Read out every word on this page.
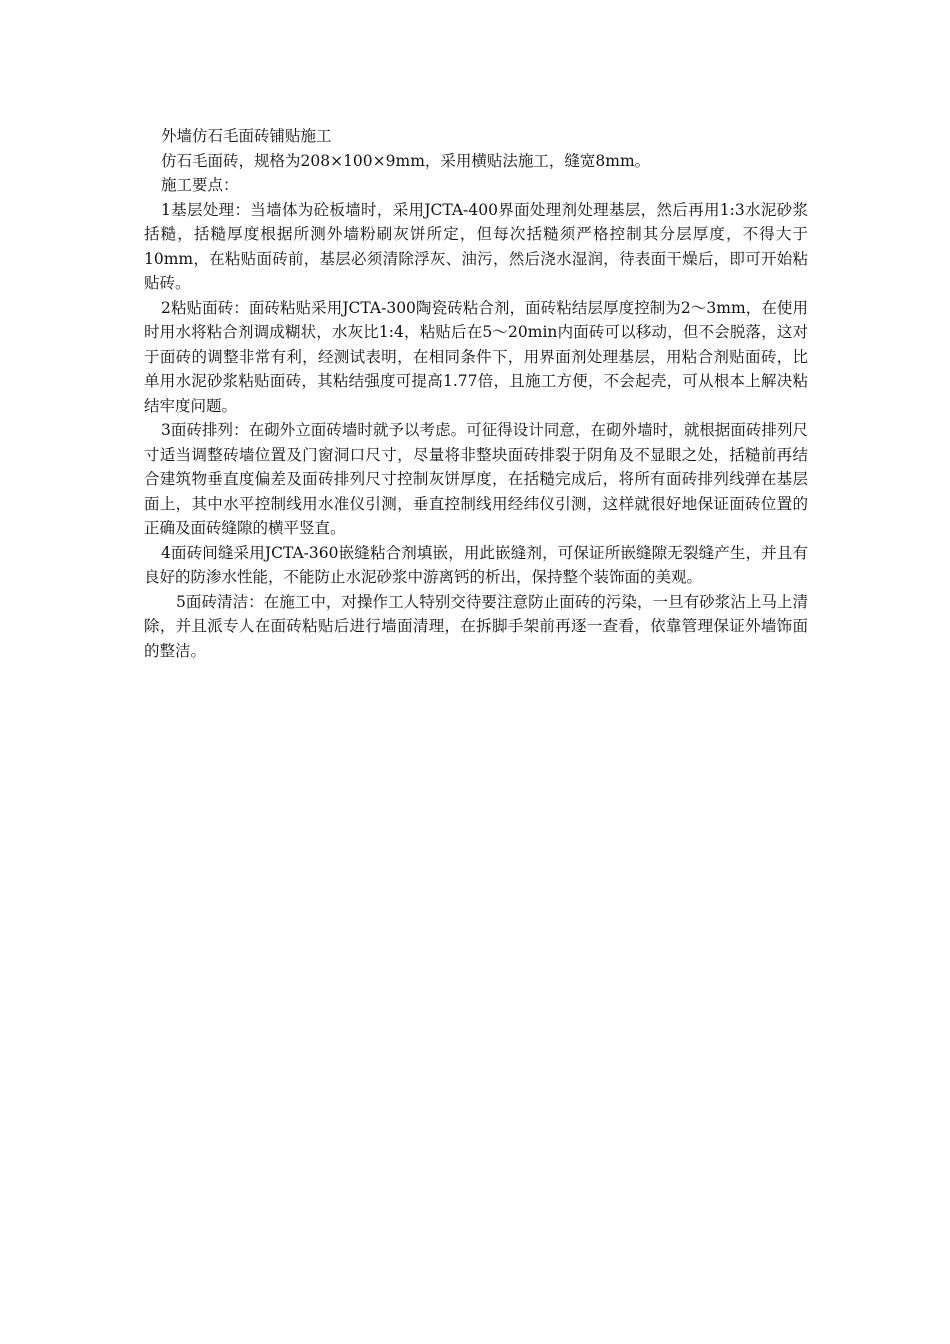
外墙仿石毛面砖铺贴施工

仿石毛面砖，规格为208×100×9mm，采用横贴法施工，缝宽8mm。

施工要点：

1基层处理：当墙体为砼板墙时，采用JCTA-400界面处理剂处理基层，然后再用1:3水泥砂浆括糙，括糙厚度根据所测外墙粉刷灰饼所定，但每次括糙须严格控制其分层厚度，不得大于10mm，在粘贴面砖前，基层必须清除浮灰、油污，然后浇水湿润，待表面干燥后，即可开始粘贴砖。

2粘贴面砖：面砖粘贴采用JCTA-300陶瓷砖粘合剂，面砖粘结层厚度控制为2～3mm，在使用时用水将粘合剂调成糊状，水灰比1:4，粘贴后在5～20min内面砖可以移动，但不会脱落，这对于面砖的调整非常有利，经测试表明，在相同条件下，用界面剂处理基层，用粘合剂贴面砖，比单用水泥砂浆粘贴面砖，其粘结强度可提高1.77倍，且施工方便，不会起壳，可从根本上解决粘结牢度问题。

3面砖排列：在砌外立面砖墙时就予以考虑。可征得设计同意，在砌外墙时，就根据面砖排列尺寸适当调整砖墙位置及门窗洞口尺寸，尽量将非整块面砖排裂于阴角及不显眼之处，括糙前再结合建筑物垂直度偏差及面砖排列尺寸控制灰饼厚度，在括糙完成后，将所有面砖排列线弹在基层面上，其中水平控制线用水准仪引测，垂直控制线用经纬仪引测，这样就很好地保证面砖位置的正确及面砖缝隙的横平竖直。

4面砖间缝采用JCTA-360嵌缝粘合剂填嵌，用此嵌缝剂，可保证所嵌缝隙无裂缝产生，并且有良好的防渗水性能，不能防止水泥砂浆中游离钙的析出，保持整个装饰面的美观。

5面砖清洁：在施工中，对操作工人特别交待要注意防止面砖的污染，一旦有砂浆沾上马上清除，并且派专人在面砖粘贴后进行墙面清理，在拆脚手架前再逐一查看，依靠管理保证外墙饰面的整洁。
